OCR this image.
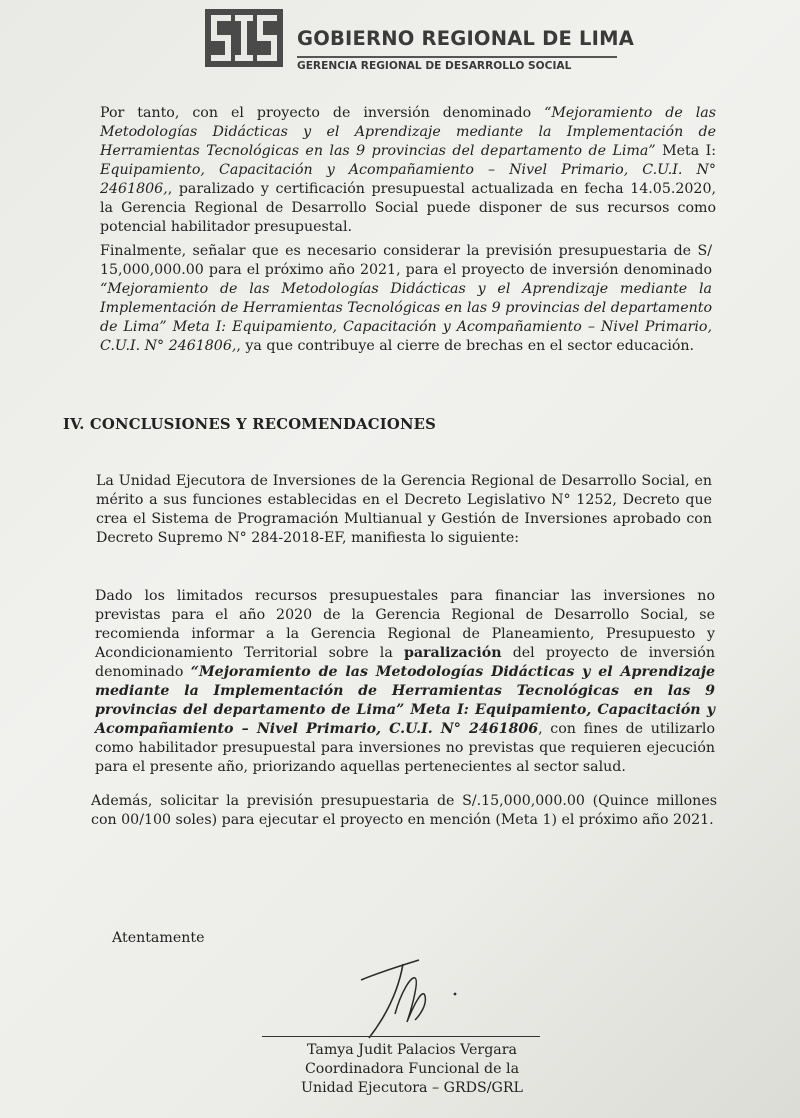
GOBIERNO REGIONAL DE LIMA
GERENCIA REGIONAL DE DESARROLLO SOCIAL

Por tanto, con el proyecto de inversión denominado “Mejoramiento de las Metodologías Didácticas y el Aprendizaje mediante la Implementación de Herramientas Tecnológicas en las 9 provincias del departamento de Lima” Meta I: Equipamiento, Capacitación y Acompañamiento – Nivel Primario, C.U.I. N° 2461806,, paralizado y certificación presupuestal actualizada en fecha 14.05.2020, la Gerencia Regional de Desarrollo Social puede disponer de sus recursos como potencial habilitador presupuestal.

Finalmente, señalar que es necesario considerar la previsión presupuestaria de S/ 15,000,000.00 para el próximo año 2021, para el proyecto de inversión denominado “Mejoramiento de las Metodologías Didácticas y el Aprendizaje mediante la Implementación de Herramientas Tecnológicas en las 9 provincias del departamento de Lima” Meta I: Equipamiento, Capacitación y Acompañamiento – Nivel Primario, C.U.I. N° 2461806,, ya que contribuye al cierre de brechas en el sector educación.

IV. CONCLUSIONES Y RECOMENDACIONES

La Unidad Ejecutora de Inversiones de la Gerencia Regional de Desarrollo Social, en mérito a sus funciones establecidas en el Decreto Legislativo N° 1252, Decreto que crea el Sistema de Programación Multianual y Gestión de Inversiones aprobado con Decreto Supremo N° 284-2018-EF, manifiesta lo siguiente:

Dado los limitados recursos presupuestales para financiar las inversiones no previstas para el año 2020 de la Gerencia Regional de Desarrollo Social, se recomienda informar a la Gerencia Regional de Planeamiento, Presupuesto y Acondicionamiento Territorial sobre la paralización del proyecto de inversión denominado “Mejoramiento de las Metodologías Didácticas y el Aprendizaje mediante la Implementación de Herramientas Tecnológicas en las 9 provincias del departamento de Lima” Meta I: Equipamiento, Capacitación y Acompañamiento – Nivel Primario, C.U.I. N° 2461806, con fines de utilizarlo como habilitador presupuestal para inversiones no previstas que requieren ejecución para el presente año, priorizando aquellas pertenecientes al sector salud.

Además, solicitar la previsión presupuestaria de S/.15,000,000.00 (Quince millones con 00/100 soles) para ejecutar el proyecto en mención (Meta 1) el próximo año 2021.

Atentamente
Tamya Judit Palacios Vergara
Coordinadora Funcional de la
Unidad Ejecutora – GRDS/GRL
